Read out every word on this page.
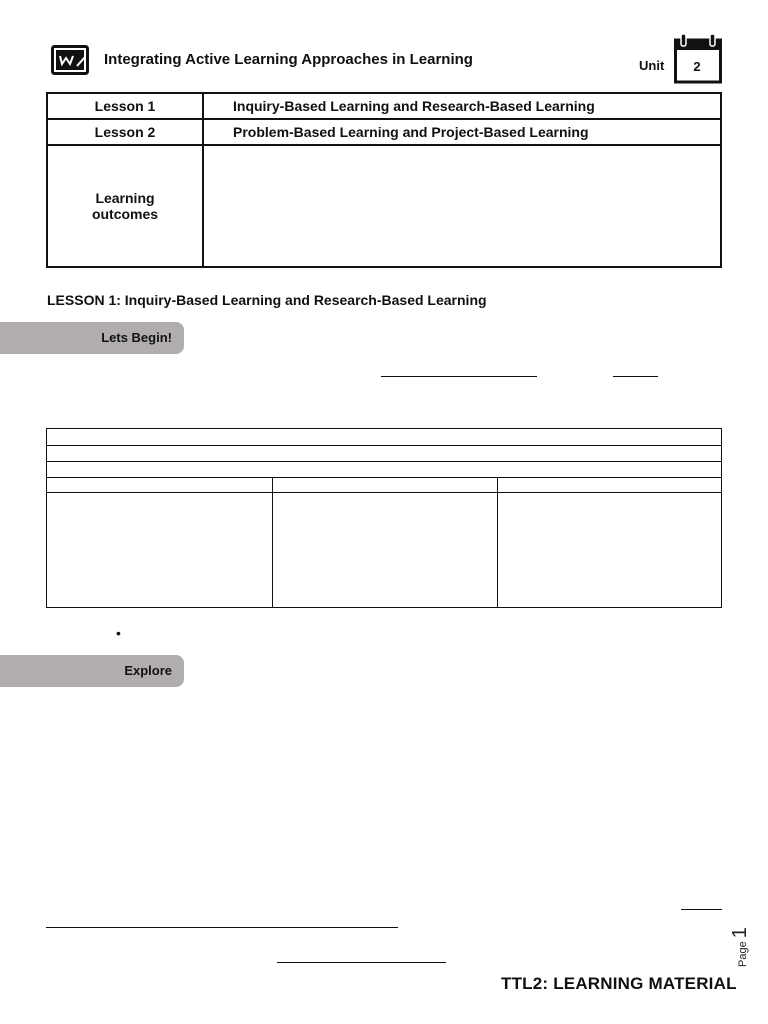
Integrating Active Learning Approaches in Learning	Unit	2
Lesson 1	Inquiry-Based Learning and Research-Based Learning
Lesson 2	Problem-Based Learning and Project-Based Learning

Learning outcomes	

LESSON 1: Inquiry-Based Learning and Research-Based Learning
Lets Begin!
•
Explore
Page 1
TTL2: LEARNING MATERIAL
